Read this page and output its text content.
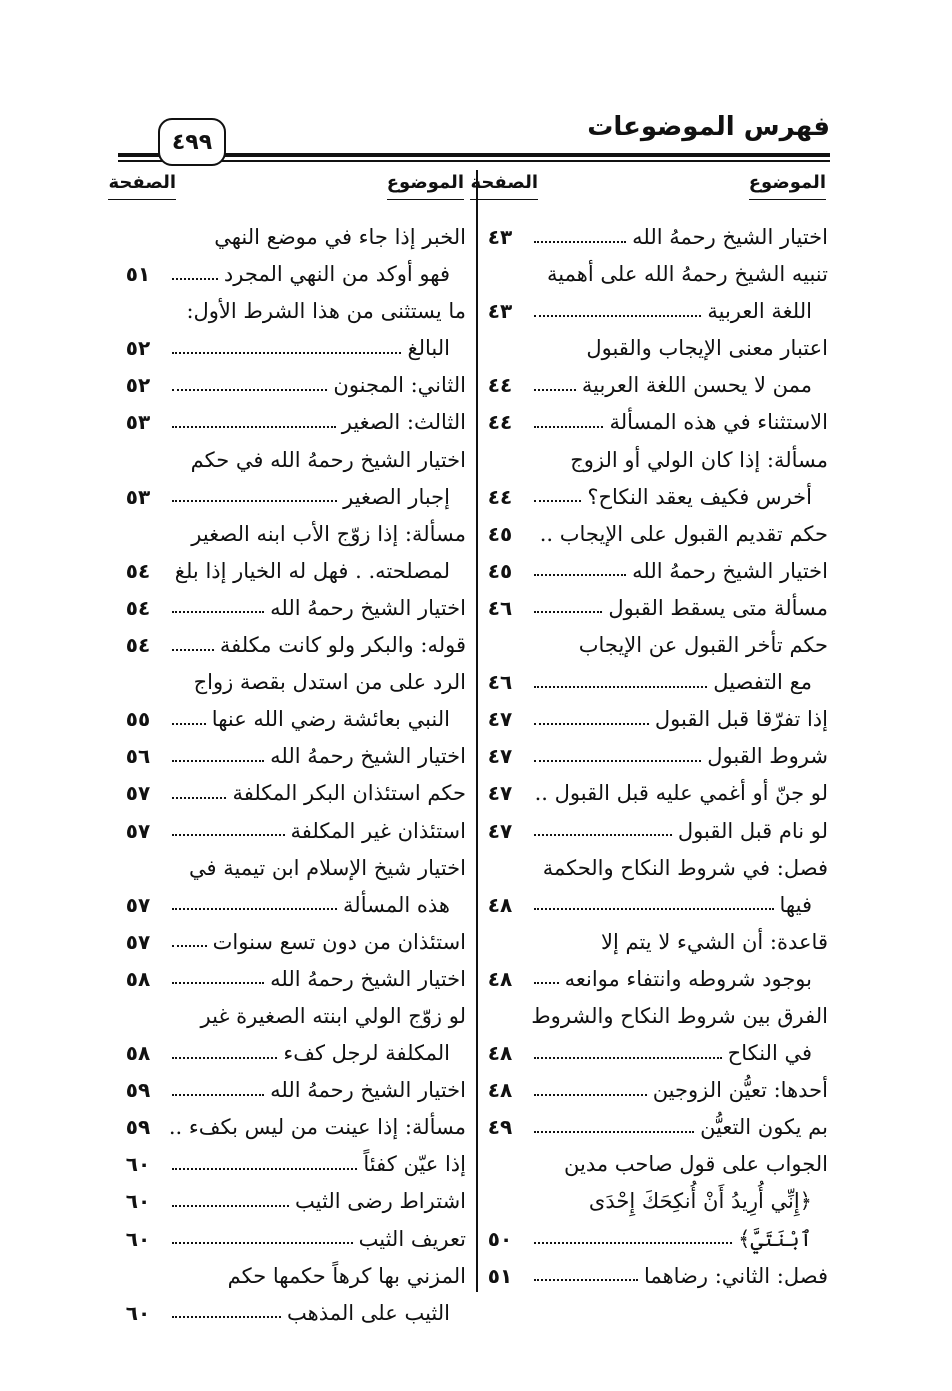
فهرس الموضوعات
٤٩٩
الموضوع
الصفحة
الموضوع
الصفحة
٤٣	اختيار الشيخ رحمهُ الله
تنبيه الشيخ رحمهُ الله على أهمية
٤٣	اللغة العربية
اعتبار معنى الإيجاب والقبول
٤٤	ممن لا يحسن اللغة العربية
٤٤	الاستثناء في هذه المسألة
مسألة: إذا كان الولي أو الزوج
٤٤	أخرس فكيف يعقد النكاح؟
٤٥	حكم تقديم القبول على الإيجاب ..
٤٥	اختيار الشيخ رحمهُ الله
٤٦	مسألة متى يسقط القبول
حكم تأخر القبول عن الإيجاب
٤٦	مع التفصيل
٤٧	إذا تفرّقا قبل القبول
٤٧	شروط القبول
٤٧	لو جنّ أو أغمي عليه قبل القبول ..
٤٧	لو نام قبل القبول
فصل: في شروط النكاح والحكمة
٤٨	فيها
قاعدة: أن الشيء لا يتم إلا
٤٨	بوجود شروطه وانتفاء موانعه
الفرق بين شروط النكاح والشروط
٤٨	في النكاح
٤٨	أحدها: تعيُّن الزوجين
٤٩	بم يكون التعيُّن
الجواب على قول صاحب مدين
﴿إِنِّي أُرِيدُ أَنْ أُنكِحَكَ إِحْدَى
٥٠	ٱبْنَتَيَّ﴾
٥١	فصل: الثاني: رضاهما
الخبر إذا جاء في موضع النهي
٥١	فهو أوكد من النهي المجرد
ما يستثنى من هذا الشرط الأول:
٥٢	البالغ
٥٢	الثاني: المجنون
٥٣	الثالث: الصغير
اختيار الشيخ رحمهُ الله في حكم
٥٣	إجبار الصغير
مسألة: إذا زوّج الأب ابنه الصغير
٥٤	لمصلحته. . فهل له الخيار إذا بلغ
٥٤	اختيار الشيخ رحمهُ الله
٥٤	قوله: والبكر ولو كانت مكلفة
الرد على من استدل بقصة زواج
٥٥	النبي بعائشة رضي الله عنها
٥٦	اختيار الشيخ رحمهُ الله
٥٧	حكم استئذان البكر المكلفة
٥٧	استئذان غير المكلفة
اختيار شيخ الإسلام ابن تيمية في
٥٧	هذه المسألة
٥٧	استئذان من دون تسع سنوات
٥٨	اختيار الشيخ رحمهُ الله
لو زوّج الولي ابنته الصغيرة غير
٥٨	المكلفة لرجل كفء
٥٩	اختيار الشيخ رحمهُ الله
٥٩ مسألة: إذا عينت من ليس بكفء ..
٦٠	إذا عيّن كفئاً
٦٠	اشتراط رضى الثيب
٦٠	تعريف الثيب
المزني بها كرهاً حكمها حكم
٦٠	الثيب على المذهب
